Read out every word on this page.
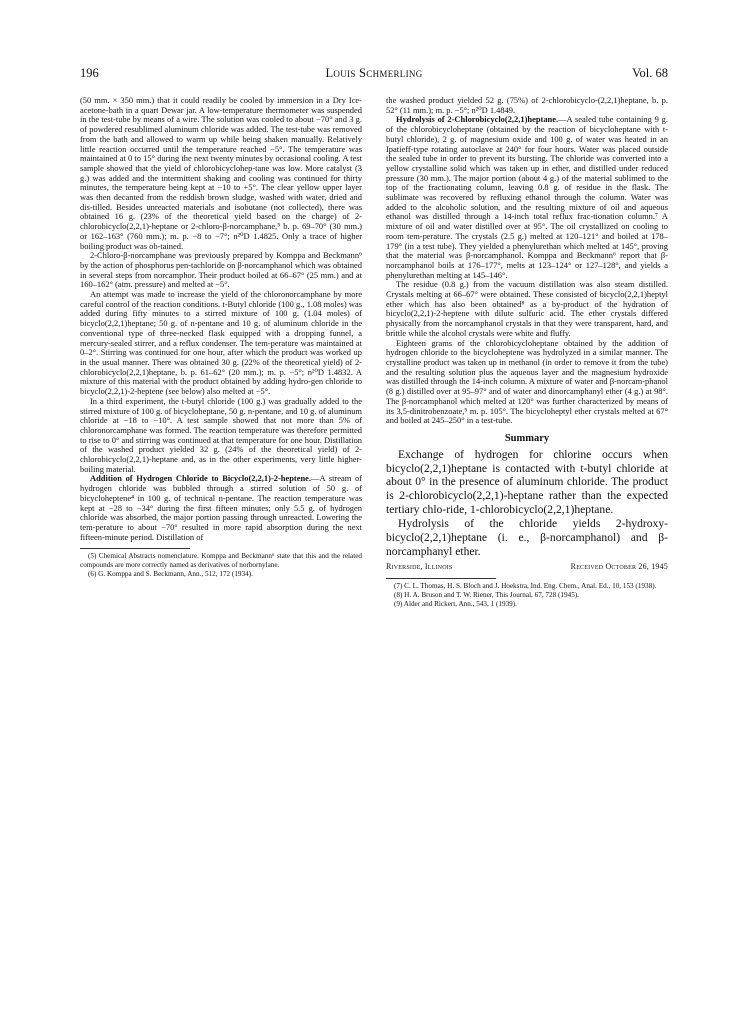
196	Louis Schmerling	Vol. 68

(50 mm. × 350 mm.) that it could readily be cooled by immersion in a Dry Ice-acetone-bath in a quart Dewar jar. A low-temperature thermometer was suspended in the test-tube by means of a wire. The solution was cooled to about −70° and 3 g. of powdered resublimed aluminum chloride was added. The test-tube was removed from the bath and allowed to warm up while being shaken manually. Relatively little reaction occurred until the temperature reached −5°. The temperature was maintained at 0 to 15° during the next twenty minutes by occasional cooling. A test sample showed that the yield of chlorobicyclohep-tane was low. More catalyst (3 g.) was added and the intermittent shaking and cooling was continued for thirty minutes, the temperature being kept at −10 to +5°. The clear yellow upper layer was then decanted from the reddish brown sludge, washed with water, dried and dis-tilled. Besides unreacted materials and isobutane (not collected), there was obtained 16 g. (23% of the theoretical yield based on the charge) of 2-chlorobicyclo(2,2,1)-heptane or 2-chloro-β-norcamphane,⁵ b. p. 69–70° (30 mm.) or 162–163° (760 mm.); m. p. −8 to −7°; n²⁰D 1.4825. Only a trace of higher boiling product was ob-tained.

2-Chloro-β-norcamphane was previously prepared by Komppa and Beckmann⁶ by the action of phosphorus pen-tachloride on β-norcamphanol which was obtained in several steps from norcamphor. Their product boiled at 66–67° (25 mm.) and at 160–162° (atm. pressure) and melted at −5°.

An attempt was made to increase the yield of the chloronorcamphane by more careful control of the reaction conditions. t-Butyl chloride (100 g., 1.08 moles) was added during fifty minutes to a stirred mixture of 100 g. (1.04 moles) of bicyclo(2,2,1)heptane; 50 g. of n-pentane and 10 g. of aluminum chloride in the conventional type of three-necked flask equipped with a dropping funnel, a mercury-sealed stirrer, and a reflux condenser. The tem-perature was maintained at 0–2°. Stirring was continued for one hour, after which the product was worked up in the usual manner. There was obtained 30 g. (22% of the theoretical yield) of 2-chlorobicyclo(2,2,1)heptane, b. p. 61–62° (20 mm.); m. p. −5°; n²⁰D 1.4832. A mixture of this material with the product obtained by adding hydro-gen chloride to bicyclo(2,2,1)-2-heptene (see below) also melted at −5°.

In a third experiment, the t-butyl chloride (100 g.) was gradually added to the stirred mixture of 100 g. of bicycloheptane, 50 g. n-pentane, and 10 g. of aluminum chloride at −18 to −10°. A test sample showed that not more than 5% of chloronorcamphane was formed. The reaction temperature was therefore permitted to rise to 0° and stirring was continued at that temperature for one hour. Distillation of the washed product yielded 32 g. (24% of the theoretical yield) of 2-chlorobicyclo(2,2,1)-heptane and, as in the other experiments, very little higher-boiling material.

Addition of Hydrogen Chloride to Bicyclo(2,2,1)-2-heptene.—A stream of hydrogen chloride was bubbled through a stirred solution of 50 g. of bicycloheptene⁴ in 100 g. of technical n-pentane. The reaction temperature was kept at −28 to −34° during the first fifteen minutes; only 5.5 g. of hydrogen chloride was absorbed, the major portion passing through unreacted. Lowering the tem-perature to about −70° resulted in more rapid absorption during the next fifteen-minute period. Distillation of

(5) Chemical Abstracts nomenclature. Komppa and Beckmann⁶ state that this and the related compounds are more correctly named as derivatives of norbornylane.

(6) G. Komppa and S. Beckmann, Ann., 512, 172 (1934).

the washed product yielded 52 g. (75%) of 2-chlorobicyclo-(2,2,1)heptane, b. p. 52° (11 mm.); m. p. −5°; n²⁰D 1.4849.

Hydrolysis of 2-Chlorobicyclo(2,2,1)heptane.—A sealed tube containing 9 g. of the chlorobicycloheptane (obtained by the reaction of bicycloheptane with t-butyl chloride), 2 g. of magnesium oxide and 100 g. of water was heated in an Ipatieff-type rotating autoclave at 240° for four hours. Water was placed outside the sealed tube in order to prevent its bursting. The chloride was converted into a yellow crystalline solid which was taken up in ether, and distilled under reduced pressure (30 mm.). The major portion (about 4 g.) of the material sublimed to the top of the fractionating column, leaving 0.8 g. of residue in the flask. The sublimate was recovered by refluxing ethanol through the column. Water was added to the alcoholic solution, and the resulting mixture of oil and aqueous ethanol was distilled through a 14-inch total reflux frac-tionation column.⁷ A mixture of oil and water distilled over at 95°. The oil crystallized on cooling to room tem-perature. The crystals (2.5 g.) melted at 120–121° and boiled at 178–179° (in a test tube). They yielded a phenylurethan which melted at 145°, proving that the material was β-norcamphanol. Komppa and Beckmann⁶ report that β-norcamphanol boils at 176–177°, melts at 123–124° or 127–128°, and yields a phenylurethan melting at 145–146°.

The residue (0.8 g.) from the vacuum distillation was also steam distilled. Crystals melting at 66–67° were obtained. These consisted of bicyclo(2,2,1)heptyl ether which has also been obtained⁸ as a by-product of the hydration of bicyclo(2,2,1)-2-heptene with dilute sulfuric acid. The ether crystals differed physically from the norcamphanol crystals in that they were transparent, hard, and brittle while the alcohol crystals were white and fluffy.

Eighteen grams of the chlorobicycloheptane obtained by the addition of hydrogen chloride to the bicycloheptene was hydrolyzed in a similar manner. The crystalline product was taken up in methanol (in order to remove it from the tube) and the resulting solution plus the aqueous layer and the magnesium hydroxide was distilled through the 14-inch column. A mixture of water and β-norcam-phanol (8 g.) distilled over at 95–97° and of water and dinorcamphanyl ether (4 g.) at 98°. The β-norcamphanol which melted at 120° was further characterized by means of its 3,5-dinitrobenzoate,⁹ m. p. 105°. The bicycloheptyl ether crystals melted at 67° and boiled at 245–250° in a test-tube.

Summary

Exchange of hydrogen for chlorine occurs when bicyclo(2,2,1)heptane is contacted with t-butyl chloride at about 0° in the presence of aluminum chloride. The product is 2-chlorobicyclo(2,2,1)-heptane rather than the expected tertiary chlo-ride, 1-chlorobicyclo(2,2,1)heptane.

Hydrolysis of the chloride yields 2-hydroxy-bicyclo(2,2,1)heptane (i. e., β-norcamphanol) and β-norcamphanyl ether.

Riverside, Illinois	Received October 26, 1945

(7) C. L. Thomas, H. S. Bloch and J. Hoekstra, Ind. Eng. Chem., Anal. Ed., 10, 153 (1938).

(8) H. A. Bruson and T. W. Riener, This Journal, 67, 728 (1945).

(9) Alder and Rickert, Ann., 543, 1 (1939).
